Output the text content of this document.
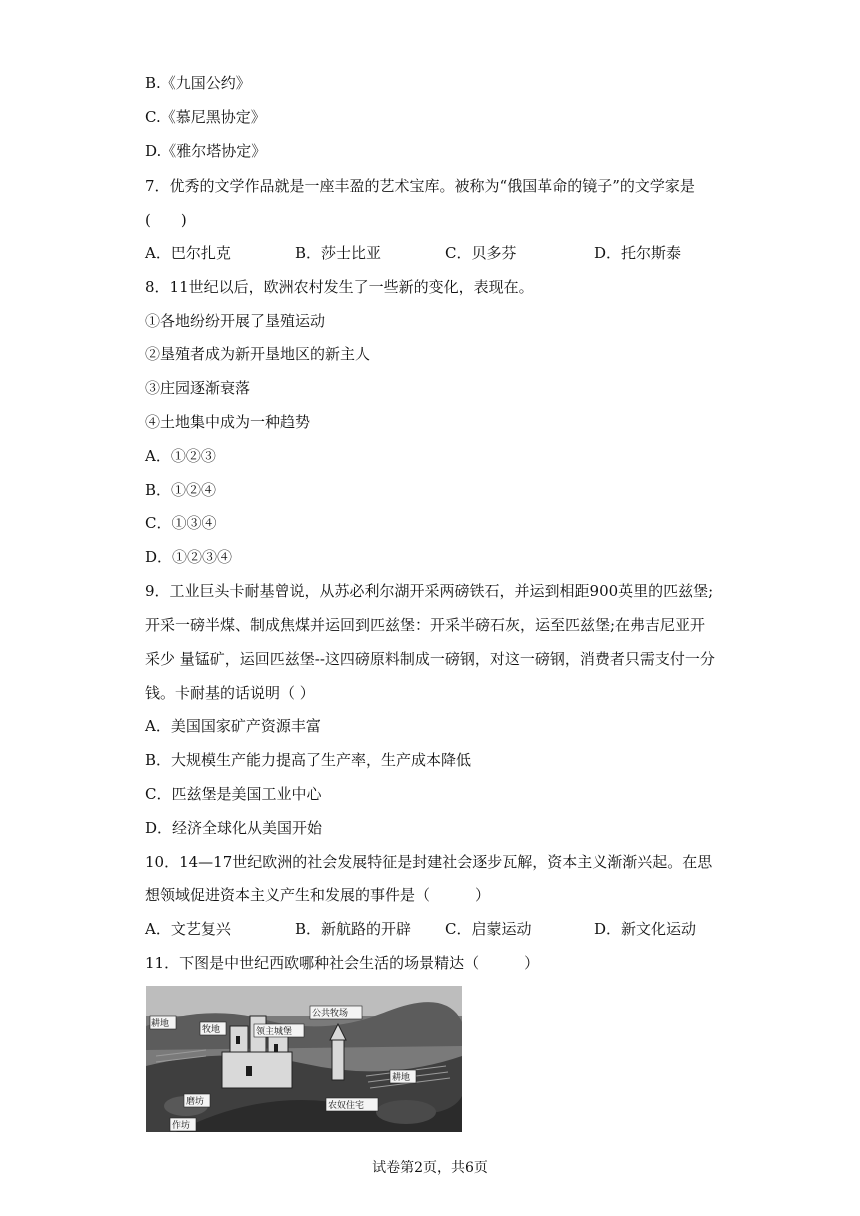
B.《九国公约》
C.《慕尼黑协定》
D.《雅尔塔协定》
7．优秀的文学作品就是一座丰盈的艺术宝库。被称为“俄国革命的镜子”的文学家是
(　　)
A．巴尔扎克	B．莎士比亚	C．贝多芬	D．托尔斯泰
8．11世纪以后，欧洲农村发生了一些新的变化，表现在。
①各地纷纷开展了垦殖运动
②垦殖者成为新开垦地区的新主人
③庄园逐渐衰落
④土地集中成为一种趋势
A．①②③
B．①②④
C．①③④
D．①②③④
9．工业巨头卡耐基曾说，从苏必利尔湖开采两磅铁石，并运到相距900英里的匹兹堡;
开采一磅半煤、制成焦煤并运回到匹兹堡：开采半磅石灰，运至匹兹堡;在弗吉尼亚开
采少 量锰矿，运回匹兹堡--这四磅原料制成一磅钢，对这一磅钢，消费者只需支付一分
钱。卡耐基的话说明（ ）
A．美国国家矿产资源丰富
B．大规模生产能力提高了生产率，生产成本降低
C．匹兹堡是美国工业中心
D．经济全球化从美国开始
10．14—17世纪欧洲的社会发展特征是封建社会逐步瓦解，资本主义渐渐兴起。在思
想领域促进资本主义产生和发展的事件是（　　　）
A．文艺复兴	B．新航路的开辟 C．启蒙运动	D．新文化运动
11．下图是中世纪西欧哪种社会生活的场景精达（　　　）
耕地
公共牧场
领主城堡
耕地
磨坊
作坊
农奴住宅
牧地
试卷第2页，共6页
